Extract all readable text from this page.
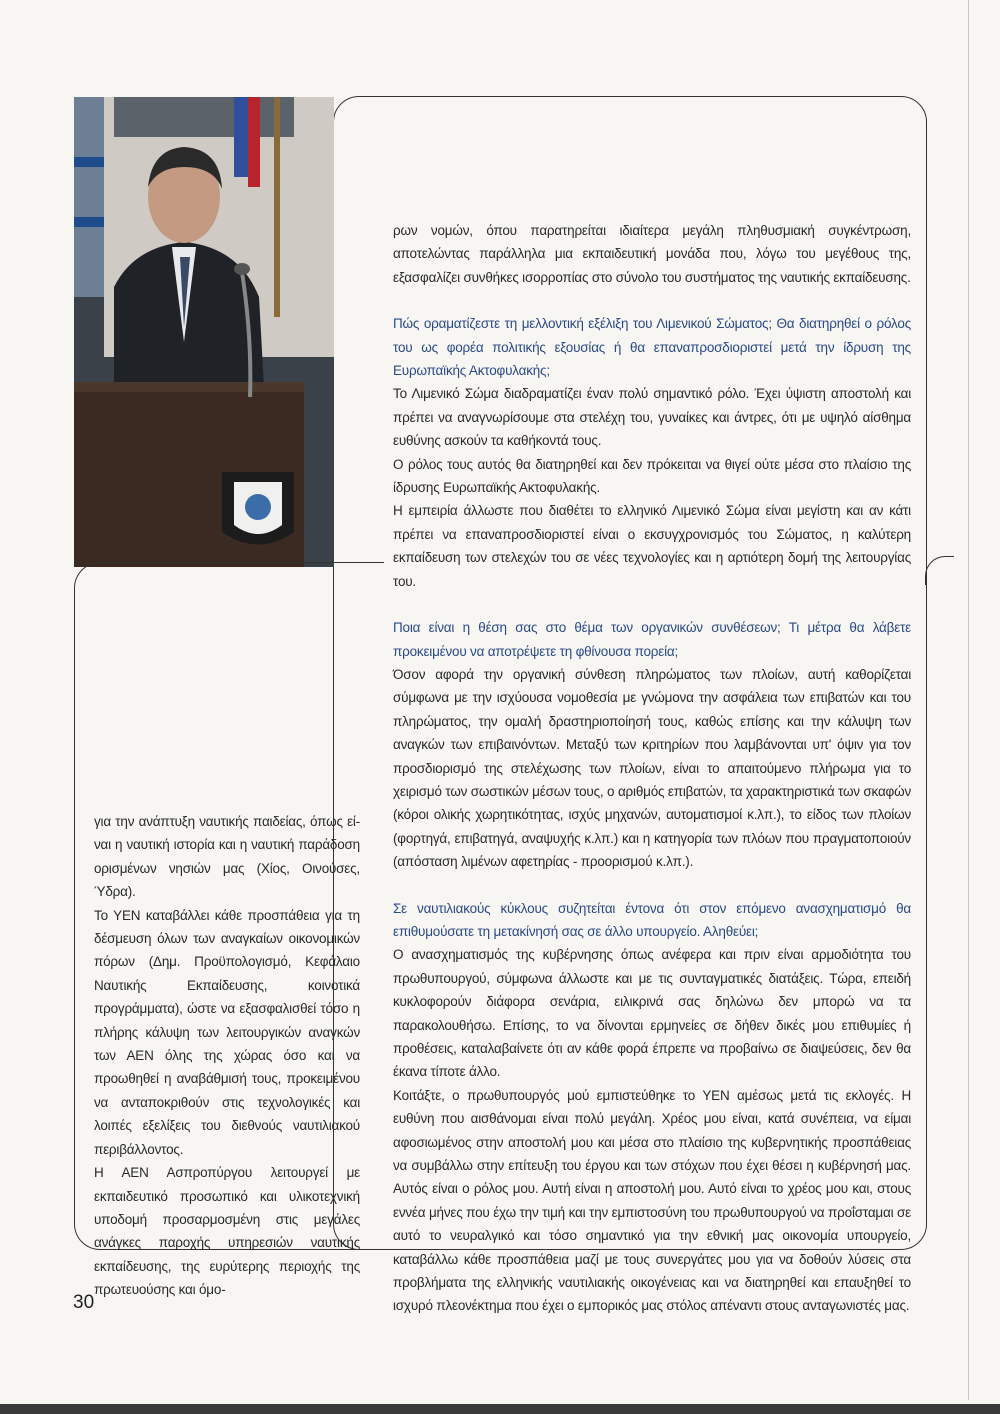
ρων νομών, όπου παρατηρείται ιδιαίτερα μεγάλη πληθυσμιακή συγκέντρωση, αποτελώντας παράλληλα μια εκπαιδευτική μονάδα που, λόγω του μεγέθους της, εξασφαλίζει συνθήκες ισορροπίας στο σύνολο του συστήματος της ναυτικής εκπαίδευσης.

Πώς οραματίζεστε τη μελλοντική εξέλιξη του Λιμενικού Σώματος; Θα διατηρηθεί ο ρόλος του ως φορέα πολιτικής εξουσίας ή θα επαναπροσδιοριστεί μετά την ίδρυση της Ευρωπαϊκής Ακτοφυλακής;

Το Λιμενικό Σώμα διαδραματίζει έναν πολύ σημαντικό ρόλο. Έχει ύψιστη αποστολή και πρέπει να αναγνωρίσουμε στα στελέχη του, γυναίκες και άντρες, ότι με υψηλό αίσθημα ευθύνης ασκούν τα καθήκοντά τους.

Ο ρόλος τους αυτός θα διατηρηθεί και δεν πρόκειται να θιγεί ούτε μέσα στο πλαίσιο της ίδρυσης Ευρωπαϊκής Ακτοφυλακής.

Η εμπειρία άλλωστε που διαθέτει το ελληνικό Λιμενικό Σώμα είναι μεγίστη και αν κάτι πρέπει να επαναπροσδιοριστεί είναι ο εκσυγχρονισμός του Σώματος, η καλύτερη εκπαίδευση των στελεχών του σε νέες τεχνολογίες και η αρτιότερη δομή της λειτουργίας του.

Ποια είναι η θέση σας στο θέμα των οργανικών συνθέσεων; Τι μέτρα θα λάβετε προκειμένου να αποτρέψετε τη φθίνουσα πορεία;

Όσον αφορά την οργανική σύνθεση πληρώματος των πλοίων, αυτή καθορίζεται σύμφωνα με την ισχύουσα νομοθεσία με γνώμονα την ασφάλεια των επιβατών και του πληρώματος, την ομαλή δραστηριοποίησή τους, καθώς επίσης και την κάλυψη των αναγκών των επιβαινόντων. Μεταξύ των κριτηρίων που λαμβάνονται υπ' όψιν για τον προσδιορισμό της στελέχωσης των πλοίων, είναι το απαιτούμενο πλήρωμα για το χειρισμό των σωστικών μέσων τους, ο αριθμός επιβατών, τα χαρακτηριστικά των σκαφών (κόροι ολικής χωρητικότητας, ισχύς μηχανών, αυτοματισμοί κ.λπ.), το είδος των πλοίων (φορτηγά, επιβατηγά, αναψυχής κ.λπ.) και η κατηγορία των πλόων που πραγματοποιούν (απόσταση λιμένων αφετηρίας - προορισμού κ.λπ.).

Σε ναυτιλιακούς κύκλους συζητείται έντονα ότι στον επόμενο ανασχηματισμό θα επιθυμούσατε τη μετακίνησή σας σε άλλο υπουργείο. Αληθεύει;

Ο ανασχηματισμός της κυβέρνησης όπως ανέφερα και πριν είναι αρμοδιότητα του πρωθυπουργού, σύμφωνα άλλωστε και με τις συνταγματικές διατάξεις. Τώρα, επειδή κυκλοφορούν διάφορα σενάρια, ειλικρινά σας δηλώνω δεν μπορώ να τα παρακολουθήσω. Επίσης, το να δίνονται ερμηνείες σε δήθεν δικές μου επιθυμίες ή προθέσεις, καταλαβαίνετε ότι αν κάθε φορά έπρεπε να προβαίνω σε διαψεύσεις, δεν θα έκανα τίποτε άλλο.

Κοιτάξτε, ο πρωθυπουργός μού εμπιστεύθηκε το ΥΕΝ αμέσως μετά τις εκλογές. Η ευθύνη που αισθάνομαι είναι πολύ μεγάλη. Χρέος μου είναι, κατά συνέπεια, να είμαι αφοσιωμένος στην αποστολή μου και μέσα στο πλαίσιο της κυβερνητικής προσπάθειας να συμβάλλω στην επίτευξη του έργου και των στόχων που έχει θέσει η κυβέρνησή μας. Αυτός είναι ο ρόλος μου. Αυτή είναι η αποστολή μου. Αυτό είναι το χρέος μου και, στους εννέα μήνες που έχω την τιμή και την εμπιστοσύνη του πρωθυπουργού να προΐσταμαι σε αυτό το νευραλγικό και τόσο σημαντικό για την εθνική μας οικονομία υπουργείο, καταβάλλω κάθε προσπάθεια μαζί με τους συνεργάτες μου για να δοθούν λύσεις στα προβλήματα της ελληνικής ναυτιλιακής οικογένειας και να διατηρηθεί και επαυξηθεί το ισχυρό πλεονέκτημα που έχει ο εμπορικός μας στόλος απέναντι στους ανταγωνιστές μας.

για την ανάπτυξη ναυτικής παιδείας, όπως εί-ναι η ναυτική ιστορία και η ναυτική παράδοση ορισμένων νησιών μας (Χίος, Οινούσες, Ύδρα).

Το ΥΕΝ καταβάλλει κάθε προσπάθεια για τη δέσμευση όλων των αναγκαίων οικονομικών πόρων (Δημ. Προϋπολογισμό, Κεφάλαιο Ναυτικής Εκπαίδευσης, κοινοτικά προγράμματα), ώστε να εξασφαλισθεί τόσο η πλήρης κάλυψη των λειτουργικών αναγκών των ΑΕΝ όλης της χώρας όσο και να προωθηθεί η αναβάθμισή τους, προκειμένου να ανταποκριθούν στις τεχνολογικές και λοιπές εξελίξεις του διεθνούς ναυτιλιακού περιβάλλοντος.

Η ΑΕΝ Ασπροπύργου λειτουργεί με εκπαιδευτικό προσωπικό και υλικοτεχνική υποδομή προσαρμοσμένη στις μεγάλες ανάγκες παροχής υπηρεσιών ναυτικής εκπαίδευσης, της ευρύτερης περιοχής της πρωτευούσης και όμο-

30
